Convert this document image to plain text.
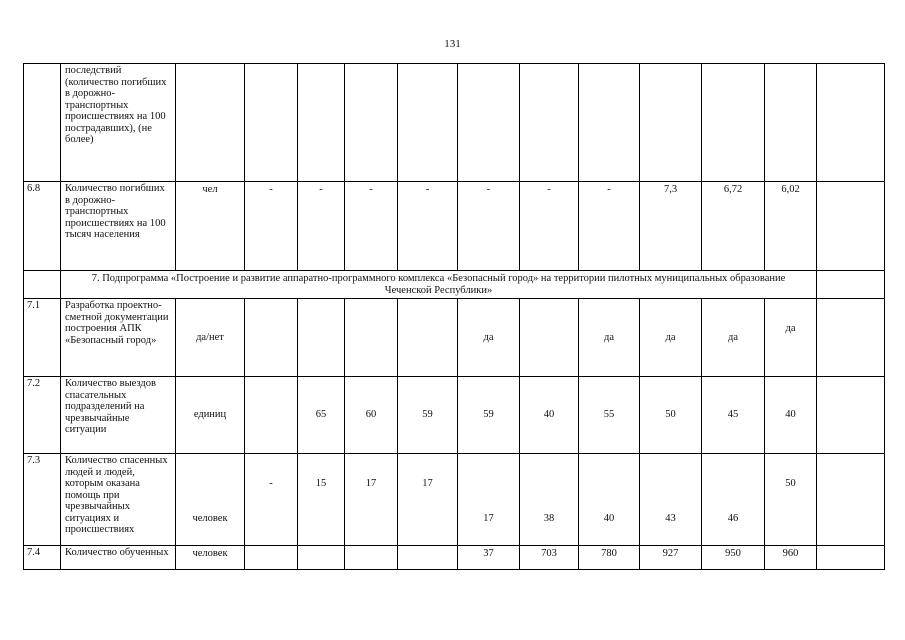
131
	последствий (количество погибших в дорожно-транспортных происшествиях на 100 пострадавших), (не более)												
6.8	Количество погибших в дорожно-транспортных происшествиях на 100 тысяч населения	чел	-	-	-	-	-	-	-	7,3	6,72	6,02	
	7. Подпрограмма «Построение и развитие аппаратно-программного комплекса «Безопасный город» на территории пилотных муниципальных образование Чеченской Республики»												
7.1	Разработка проектно-сметной документации построения АПК «Безопасный город»	да/нет					да		да	да	да	да	
7.2	Количество выездов спасательных подразделений на чрезвычайные ситуации	единиц		65	60	59	59	40	55	50	45	40	
7.3	Количество спасенных людей и людей, которым оказана помощь при чрезвычайных ситуациях и происшествиях	человек	-	15	17	17	17	38	40	43	46	50	
7.4	Количество обученных	человек					37	703	780	927	950	960	
